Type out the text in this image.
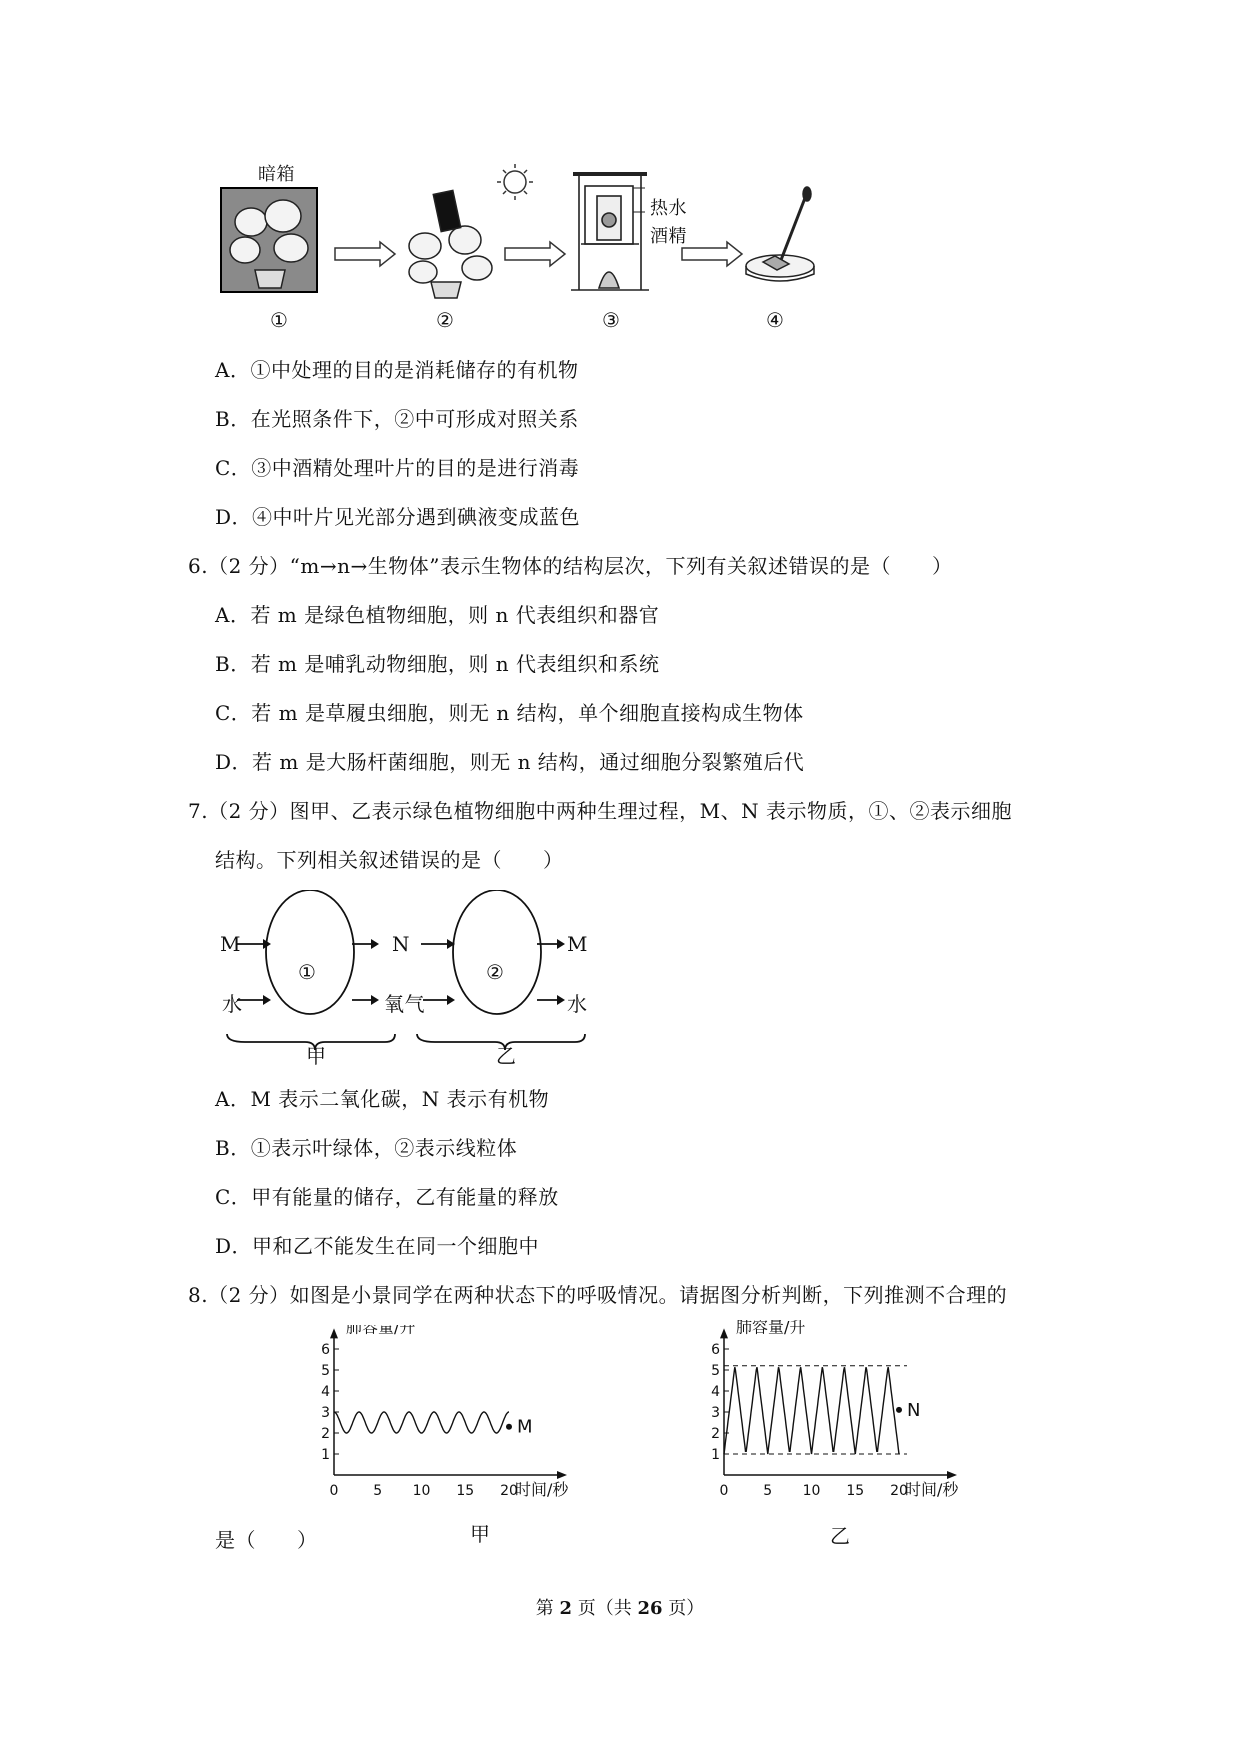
暗箱
热水
酒精
①	②	③	④
A．①中处理的目的是消耗储存的有机物
B．在光照条件下，②中可形成对照关系
C．③中酒精处理叶片的目的是进行消毒
D．④中叶片见光部分遇到碘液变成蓝色
6.（2 分）“m→n→生物体”表示生物体的结构层次，下列有关叙述错误的是（　　）
A．若 m 是绿色植物细胞，则 n 代表组织和器官
B．若 m 是哺乳动物细胞，则 n 代表组织和系统
C．若 m 是草履虫细胞，则无 n 结构，单个细胞直接构成生物体
D．若 m 是大肠杆菌细胞，则无 n 结构，通过细胞分裂繁殖后代
7.（2 分）图甲、乙表示绿色植物细胞中两种生理过程，M、N 表示物质，①、②表示细胞
结构。下列相关叙述错误的是（　　）
M
水
①
N
氧气
②
M
水
甲	乙
A．M 表示二氧化碳，N 表示有机物
B．①表示叶绿体，②表示线粒体
C．甲有能量的储存，乙有能量的释放
D．甲和乙不能发生在同一个细胞中
8.（2 分）如图是小景同学在两种状态下的呼吸情况。请据图分析判断，下列推测不合理的
1
2
3
4
5
6
0 5 10 15 20
肺容量/升
时间/秒
M
1
2
3
4
5
6
0 5 10 15 20
肺容量/升
时间/秒
N
甲	乙
是（　　）
第 2 页（共 26 页）
